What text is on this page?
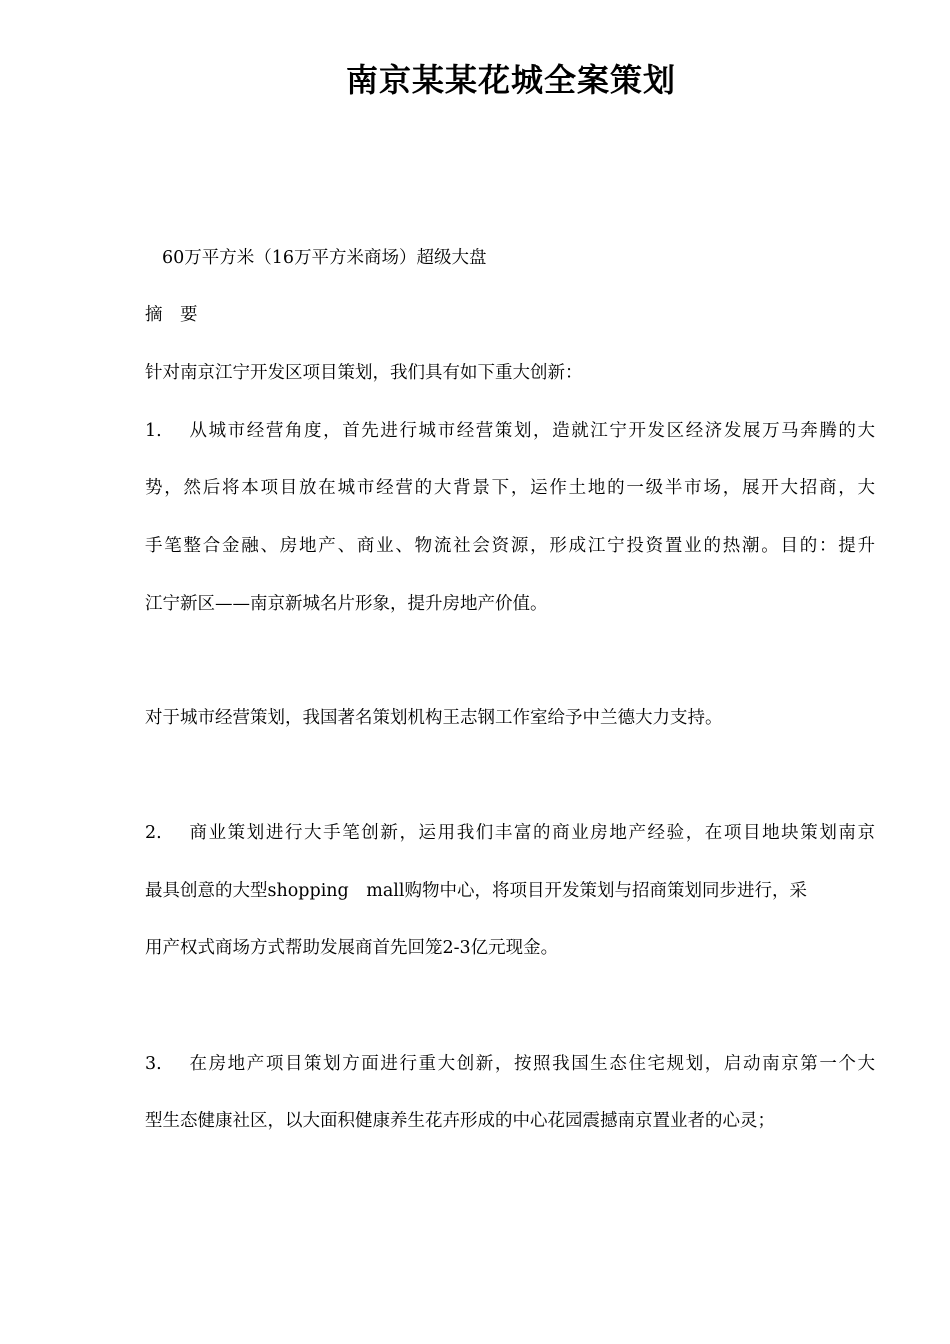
南京某某花城全案策划
60万平方米（16万平方米商场）超级大盘
摘　要
针对南京江宁开发区项目策划，我们具有如下重大创新：
1.　 从城市经营角度，首先进行城市经营策划，造就江宁开发区经济发展万马奔腾的大
势，然后将本项目放在城市经营的大背景下，运作土地的一级半市场，展开大招商，大
手笔整合金融、房地产、商业、物流社会资源，形成江宁投资置业的热潮。目的：提升
江宁新区——南京新城名片形象，提升房地产价值。
对于城市经营策划，我国著名策划机构王志钢工作室给予中兰德大力支持。
2.　 商业策划进行大手笔创新，运用我们丰富的商业房地产经验，在项目地块策划南京
最具创意的大型shopping　mall购物中心，将项目开发策划与招商策划同步进行，采
用产权式商场方式帮助发展商首先回笼2-3亿元现金。
3.　 在房地产项目策划方面进行重大创新，按照我国生态住宅规划，启动南京第一个大
型生态健康社区，以大面积健康养生花卉形成的中心花园震撼南京置业者的心灵；
